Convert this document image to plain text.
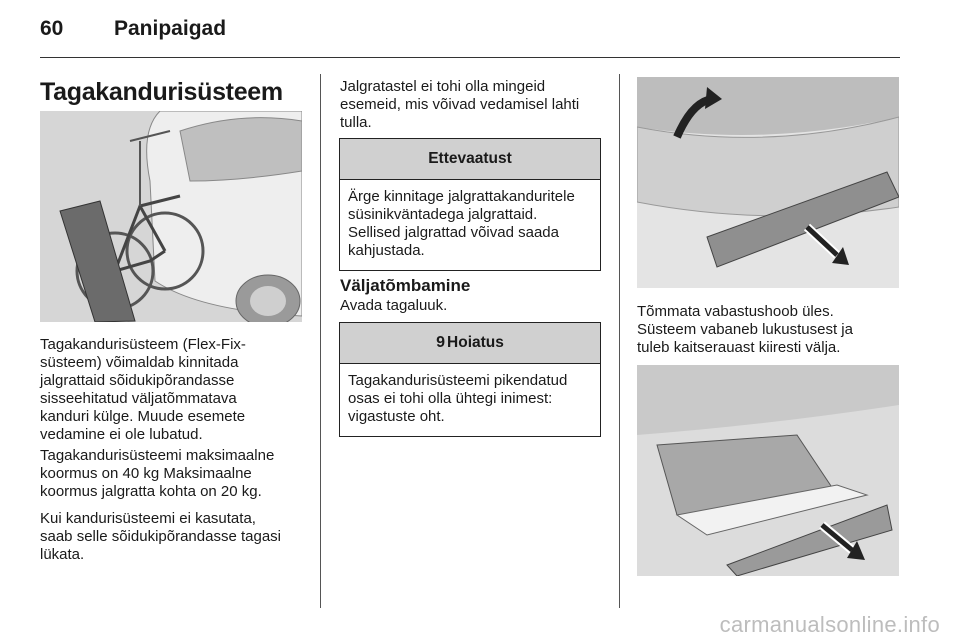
60 Panipaigad
Tagakandurisüsteem
Tagakandurisüsteem (Flex-Fix-
süsteem) võimaldab kinnitada
jalgrattaid sõidukipõrandasse
sisseehitatud väljatõmmatava
kanduri külge. Muude esemete
vedamine ei ole lubatud.
Tagakandurisüsteemi maksimaalne
koormus on 40 kg Maksimaalne
koormus jalgratta kohta on 20 kg.
Kui kandurisüsteemi ei kasutata,
saab selle sõidukipõrandasse tagasi
lükata.
Jalgratastel ei tohi olla mingeid
esemeid, mis võivad vedamisel lahti
tulla.
Ettevaatust
Ärge kinnitage jalgrattakanduritele
süsinikväntadega jalgrattaid.
Sellised jalgrattad võivad saada
kahjustada.
Väljatõmbamine
Avada tagaluuk.
9 Hoiatus
Tagakandurisüsteemi pikendatud
osas ei tohi olla ühtegi inimest:
vigastuste oht.
Tõmmata vabastushoob üles.
Süsteem vabaneb lukustusest ja
tuleb kaitserauast kiiresti välja.
carmanualsonline.info
